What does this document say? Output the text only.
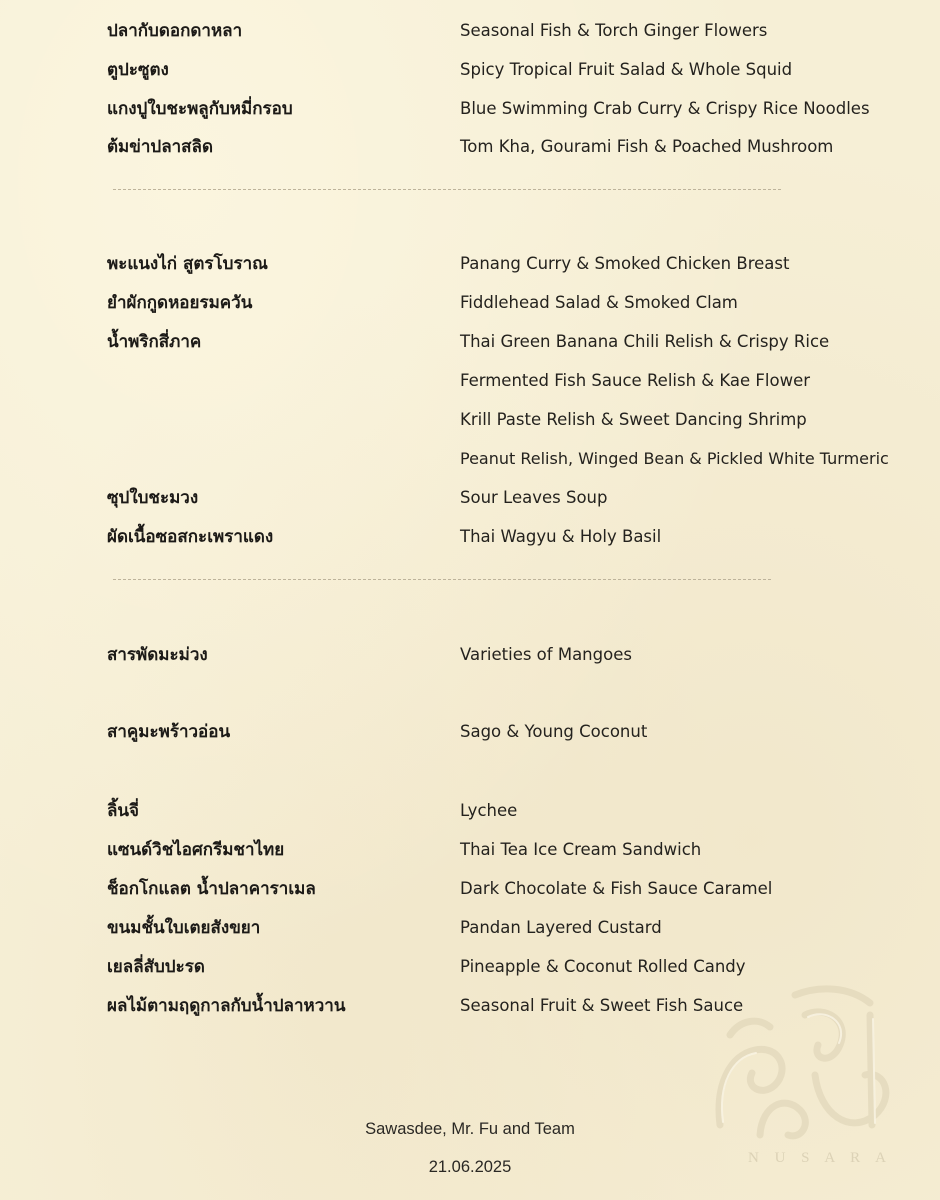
ปลากับดอกดาหลา	Seasonal Fish & Torch Ginger Flowers
ตูปะซูตง	Spicy Tropical Fruit Salad & Whole Squid
แกงปูใบชะพลูกับหมี่กรอบ	Blue Swimming Crab Curry & Crispy Rice Noodles
ต้มข่าปลาสลิด	Tom Kha, Gourami Fish & Poached Mushroom
พะแนงไก่ สูตรโบราณ	Panang Curry & Smoked Chicken Breast
ยำผักกูดหอยรมควัน	Fiddlehead Salad & Smoked Clam
น้ำพริกสี่ภาค	Thai Green Banana Chili Relish & Crispy Rice
Fermented Fish Sauce Relish & Kae Flower
Krill Paste Relish & Sweet Dancing Shrimp
Peanut Relish, Winged Bean & Pickled White Turmeric
ซุปใบชะมวง	Sour Leaves Soup
ผัดเนื้อซอสกะเพราแดง	Thai Wagyu & Holy Basil
สารพัดมะม่วง	Varieties of Mangoes
สาคูมะพร้าวอ่อน	Sago & Young Coconut
ลิ้นจี่	Lychee
แซนด์วิชไอศกรีมชาไทย	Thai Tea Ice Cream Sandwich
ช็อกโกแลต น้ำปลาคาราเมล	Dark Chocolate & Fish Sauce Caramel
ขนมชั้นใบเตยสังขยา	Pandan Layered Custard
เยลลี่สับปะรด	Pineapple & Coconut Rolled Candy
ผลไม้ตามฤดูกาลกับน้ำปลาหวาน	Seasonal Fruit & Sweet Fish Sauce
N U S A R A
Sawasdee, Mr. Fu and Team
21.06.2025
